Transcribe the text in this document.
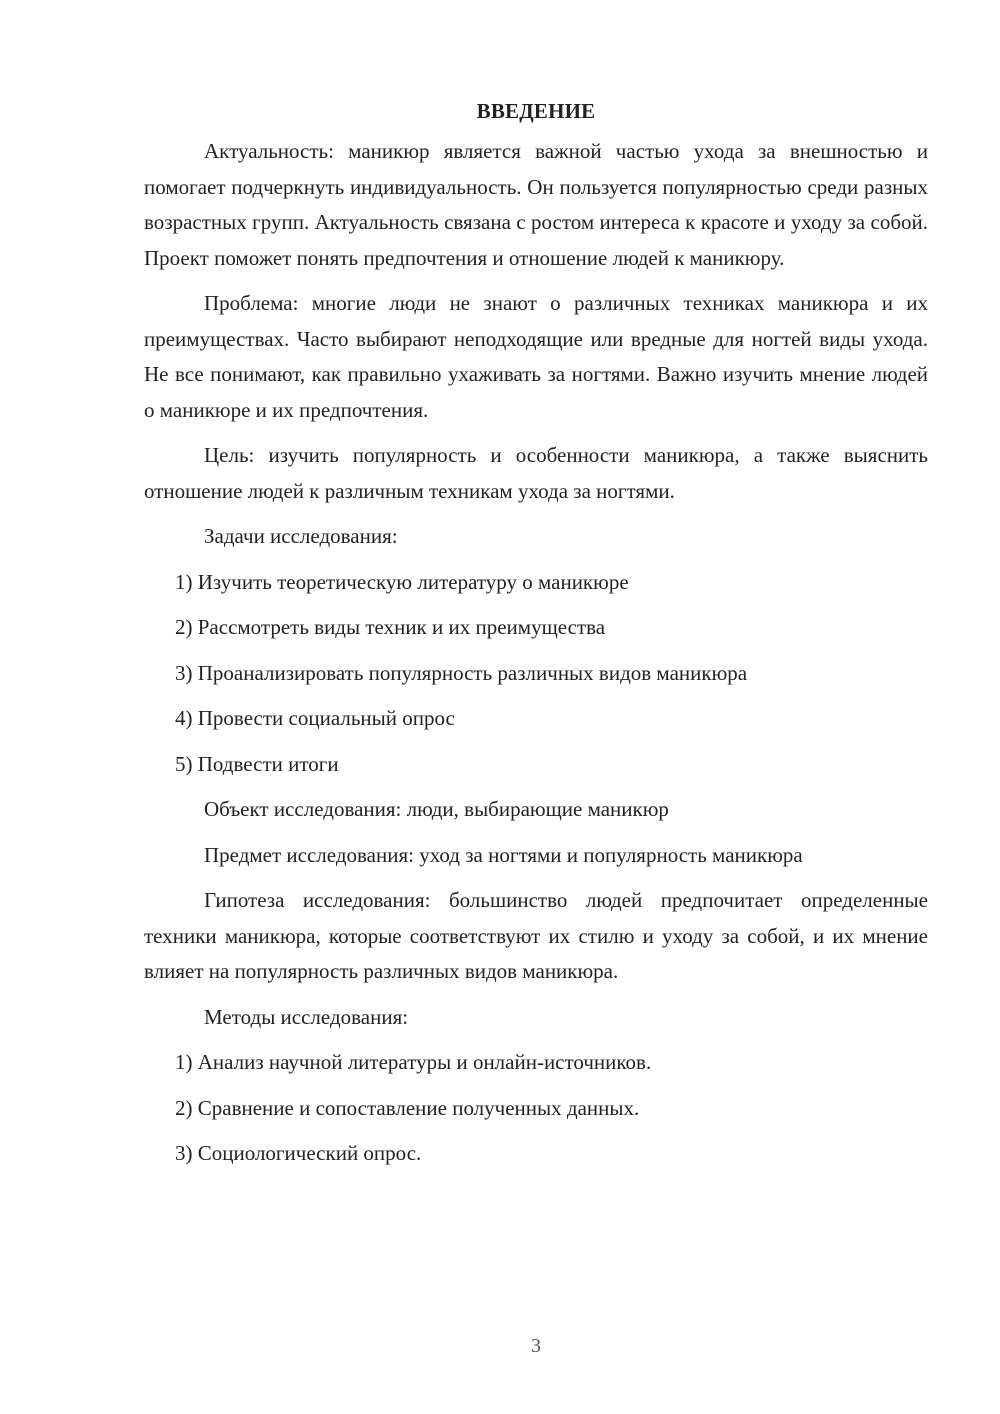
ВВЕДЕНИЕ

Актуальность: маникюр является важной частью ухода за внешностью и помогает подчеркнуть индивидуальность. Он пользуется популярностью среди разных возрастных групп. Актуальность связана с ростом интереса к красоте и уходу за собой. Проект поможет понять предпочтения и отношение людей к маникюру.

Проблема: многие люди не знают о различных техниках маникюра и их преимуществах. Часто выбирают неподходящие или вредные для ногтей виды ухода. Не все понимают, как правильно ухаживать за ногтями. Важно изучить мнение людей о маникюре и их предпочтения.

Цель: изучить популярность и особенности маникюра, а также выяснить отношение людей к различным техникам ухода за ногтями.

Задачи исследования:

1) Изучить теоретическую литературу о маникюре

2) Рассмотреть виды техник и их преимущества

3) Проанализировать популярность различных видов маникюра

4) Провести социальный опрос

5) Подвести итоги

Объект исследования: люди, выбирающие маникюр

Предмет исследования: уход за ногтями и популярность маникюра

Гипотеза исследования: большинство людей предпочитает определенные техники маникюра, которые соответствуют их стилю и уходу за собой, и их мнение влияет на популярность различных видов маникюра.

Методы исследования:

1) Анализ научной литературы и онлайн-источников.

2) Сравнение и сопоставление полученных данных.

3) Социологический опрос.

3
